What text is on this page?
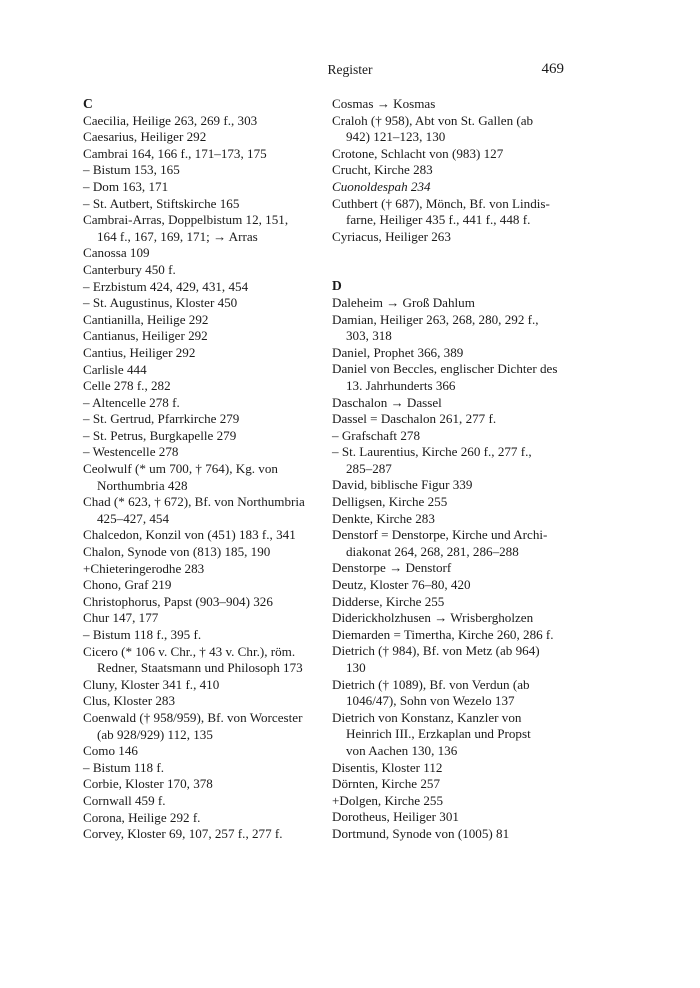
Register	469
C
Caecilia, Heilige 263, 269 f., 303
Caesarius, Heiliger 292
Cambrai 164, 166 f., 171–173, 175
– Bistum 153, 165
– Dom 163, 171
– St. Autbert, Stiftskirche 165
Cambrai-Arras, Doppelbistum 12, 151,
164 f., 167, 169, 171; → Arras
Canossa 109
Canterbury 450 f.
– Erzbistum 424, 429, 431, 454
– St. Augustinus, Kloster 450
Cantianilla, Heilige 292
Cantianus, Heiliger 292
Cantius, Heiliger 292
Carlisle 444
Celle 278 f., 282
– Altencelle 278 f.
– St. Gertrud, Pfarrkirche 279
– St. Petrus, Burgkapelle 279
– Westencelle 278
Ceolwulf (* um 700, † 764), Kg. von
Northumbria 428
Chad (* 623, † 672), Bf. von Northumbria
425–427, 454
Chalcedon, Konzil von (451) 183 f., 341
Chalon, Synode von (813) 185, 190
+Chieteringerodhe 283
Chono, Graf 219
Christophorus, Papst (903–904) 326
Chur 147, 177
– Bistum 118 f., 395 f.
Cicero (* 106 v. Chr., † 43 v. Chr.), röm.
Redner, Staatsmann und Philosoph 173
Cluny, Kloster 341 f., 410
Clus, Kloster 283
Coenwald († 958/959), Bf. von Worcester
(ab 928/929) 112, 135
Como 146
– Bistum 118 f.
Corbie, Kloster 170, 378
Cornwall 459 f.
Corona, Heilige 292 f.
Corvey, Kloster 69, 107, 257 f., 277 f.
Cosmas → Kosmas
Craloh († 958), Abt von St. Gallen (ab
942) 121–123, 130
Crotone, Schlacht von (983) 127
Crucht, Kirche 283
Cuonoldespah 234
Cuthbert († 687), Mönch, Bf. von Lindis-
farne, Heiliger 435 f., 441 f., 448 f.
Cyriacus, Heiliger 263
D
Daleheim → Groß Dahlum
Damian, Heiliger 263, 268, 280, 292 f.,
303, 318
Daniel, Prophet 366, 389
Daniel von Beccles, englischer Dichter des
13. Jahrhunderts 366
Daschalon → Dassel
Dassel = Daschalon 261, 277 f.
– Grafschaft 278
– St. Laurentius, Kirche 260 f., 277 f.,
285–287
David, biblische Figur 339
Delligsen, Kirche 255
Denkte, Kirche 283
Denstorf = Denstorpe, Kirche und Archi-
diakonat 264, 268, 281, 286–288
Denstorpe → Denstorf
Deutz, Kloster 76–80, 420
Didderse, Kirche 255
Diderickholzhusen → Wrisbergholzen
Diemarden = Timertha, Kirche 260, 286 f.
Dietrich († 984), Bf. von Metz (ab 964)
130
Dietrich († 1089), Bf. von Verdun (ab
1046/47), Sohn von Wezelo 137
Dietrich von Konstanz, Kanzler von
Heinrich III., Erzkaplan und Propst
von Aachen 130, 136
Disentis, Kloster 112
Dörnten, Kirche 257
+Dolgen, Kirche 255
Dorotheus, Heiliger 301
Dortmund, Synode von (1005) 81
